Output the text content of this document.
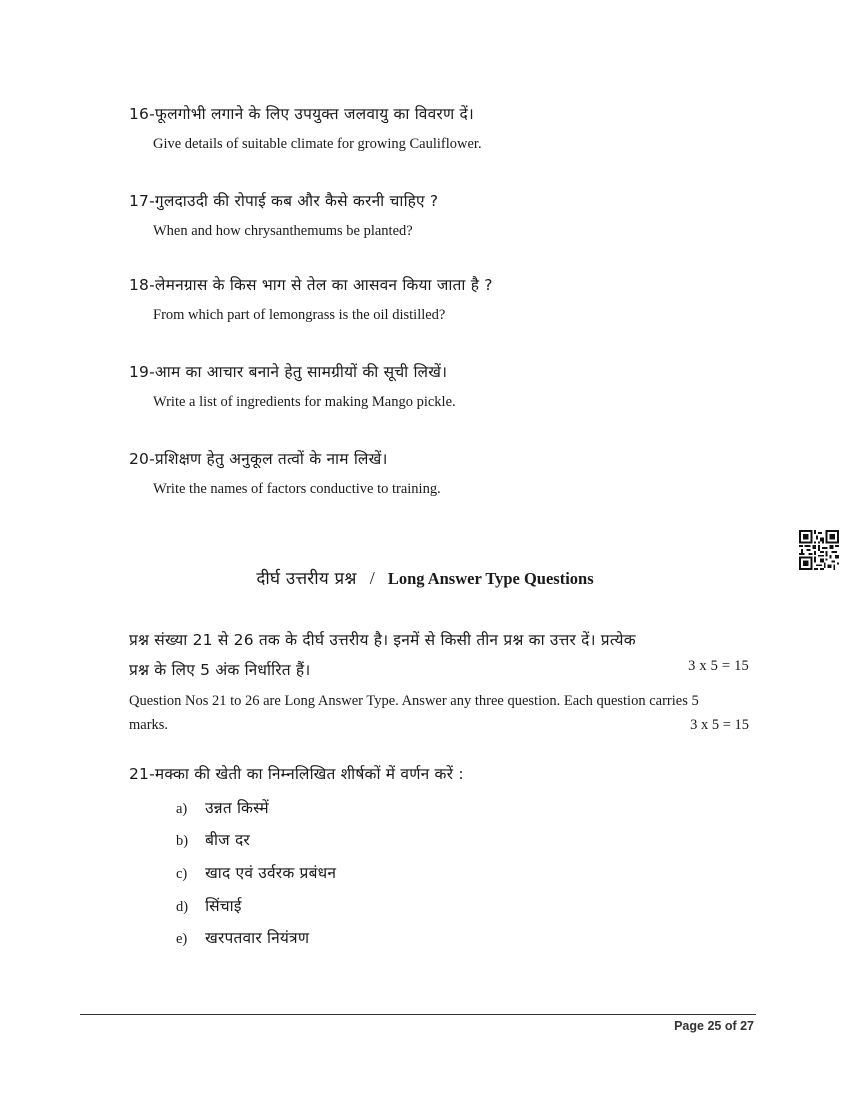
16-फूलगोभी लगाने के लिए उपयुक्त जलवायु का विवरण दें।
Give details of suitable climate for growing Cauliflower.
17-गुलदाउदी की रोपाई कब और कैसे करनी चाहिए ?
When and how chrysanthemums be planted?
18-लेमनग्रास के किस भाग से तेल का आसवन किया जाता है ?
From which part of lemongrass is the oil distilled?
19-आम का आचार बनाने हेतु सामग्रीयों की सूची लिखें।
Write a list of ingredients for making Mango pickle.
20-प्रशिक्षण हेतु अनुकूल तत्वों के नाम लिखें।
Write the names of factors conductive to training.
दीर्घ उत्तरीय प्रश्न / Long Answer Type Questions
प्रश्न संख्या 21 से 26 तक के दीर्घ उत्तरीय है। इनमें से किसी तीन प्रश्न का उत्तर दें। प्रत्येक
प्रश्न के लिए 5 अंक निर्धारित हैं।	3 x 5 = 15
Question Nos 21 to 26 are Long Answer Type. Answer any three question. Each question carries 5
marks.	3 x 5 = 15
21-मक्का की खेती का निम्नलिखित शीर्षकों में वर्णन करें :
a) उन्नत किस्में
b) बीज दर
c) खाद एवं उर्वरक प्रबंधन
d) सिंचाई
e) खरपतवार नियंत्रण
Page 25 of 27
